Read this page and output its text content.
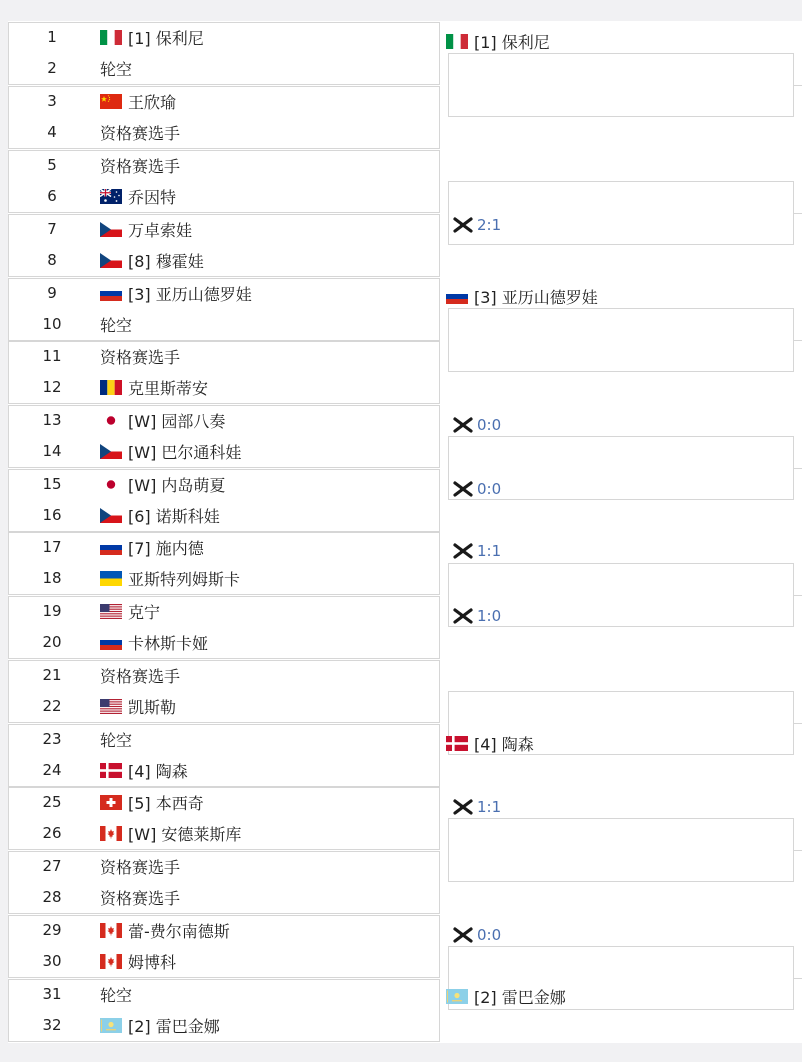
1	[1] 保利尼
2	轮空
3	王欣瑜
4	资格赛选手
5	资格赛选手
6	乔因特
7	万卓索娃
8	[8] 穆霍娃
9	[3] 亚历山德罗娃
10 轮空
11 资格赛选手
12	克里斯蒂安
13	[W] 园部八奏
14	[W] 巴尔通科娃
15	[W] 内岛萌夏
16	[6] 诺斯科娃
17	[7] 施内德
18	亚斯特列姆斯卡
19	克宁
20	卡林斯卡娅
21 资格赛选手
22	凯斯勒
23 轮空
24	[4] 陶森
25	[5] 本西奇
26	[W] 安德莱斯库
27 资格赛选手
28 资格赛选手
29	蕾-费尔南德斯
30	姆博科
31 轮空
32	[2] 雷巴金娜
[1] 保利尼
2:1
[3] 亚历山德罗娃
0:0
0:0
1:1
1:0
[4] 陶森
1:1
0:0
[2] 雷巴金娜
